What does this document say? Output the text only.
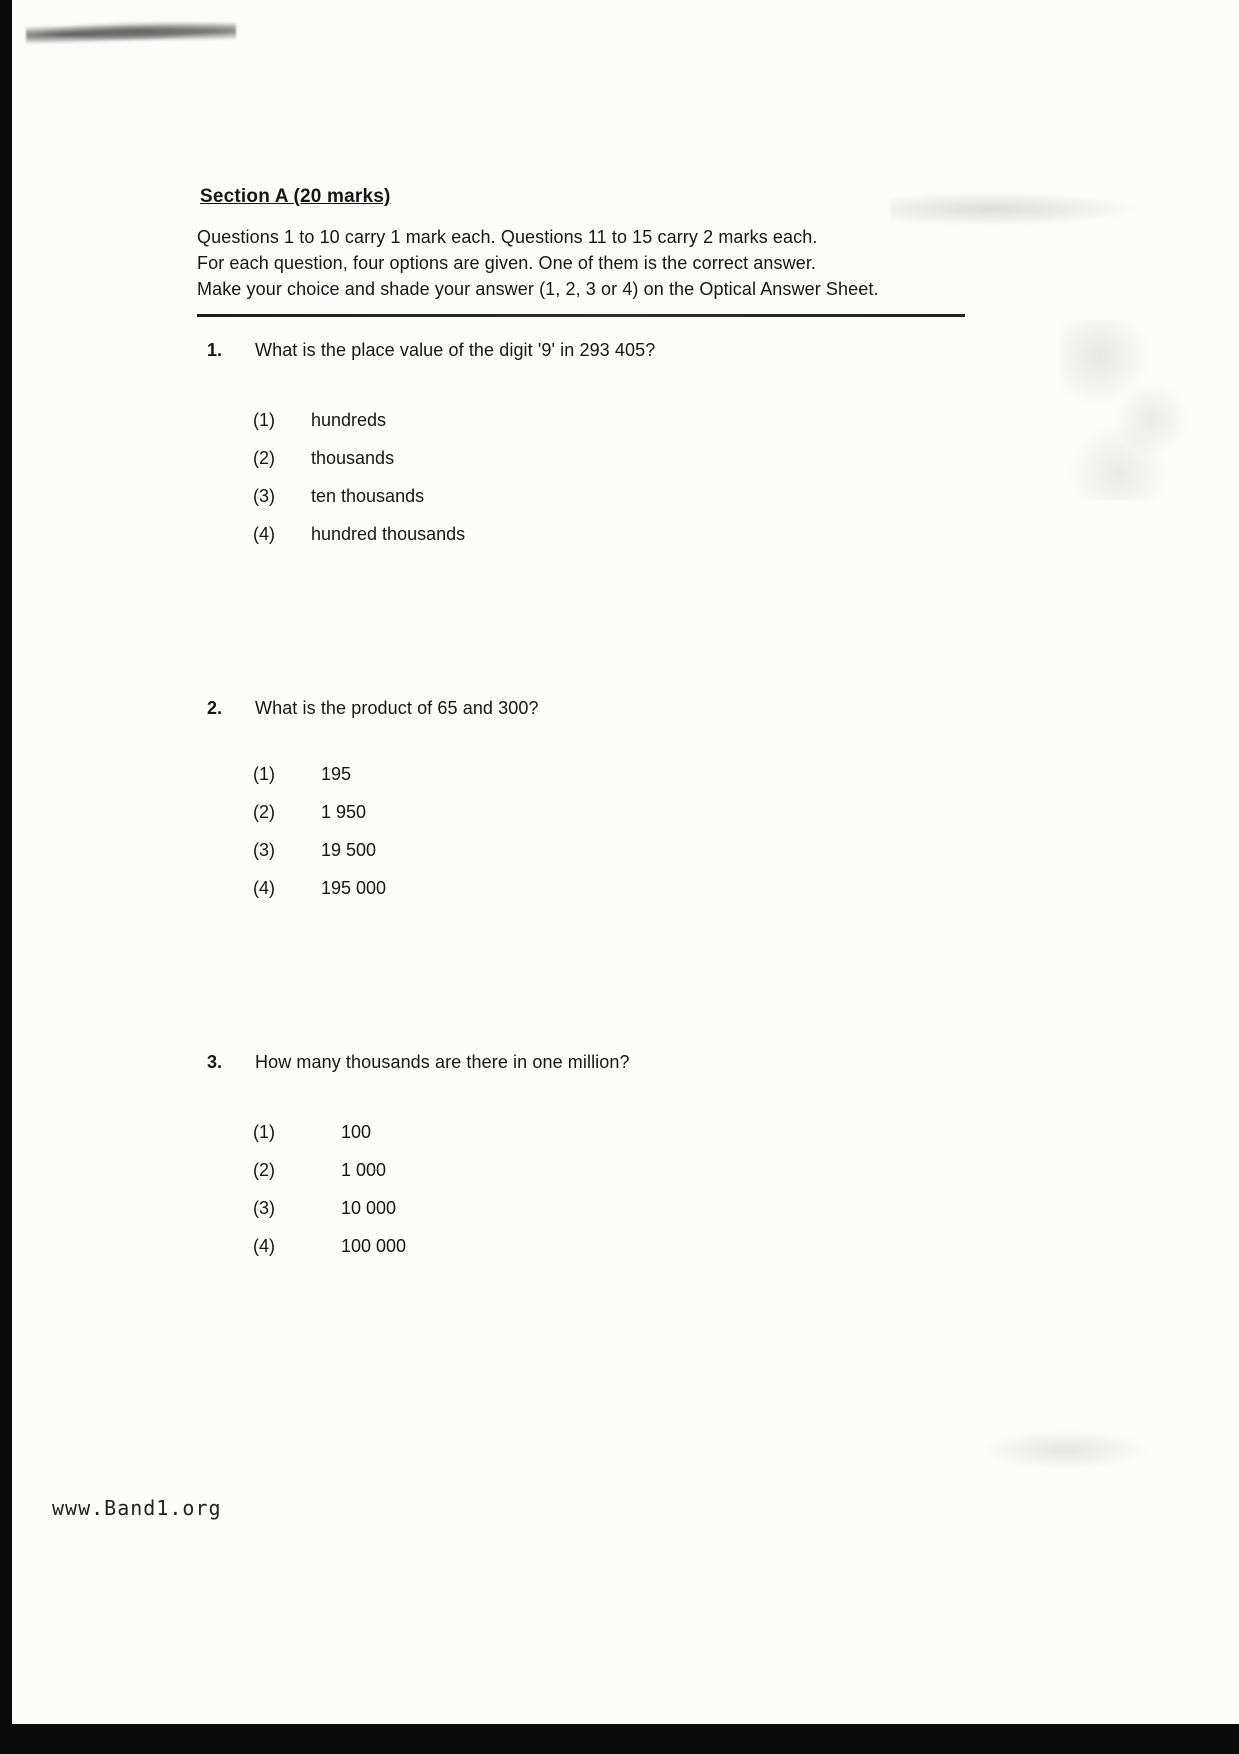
Section A (20 marks)
Questions 1 to 10 carry 1 mark each. Questions 11 to 15 carry 2 marks each.
For each question, four options are given. One of them is the correct answer.
Make your choice and shade your answer (1, 2, 3 or 4) on the Optical Answer Sheet.
1.	What is the place value of the digit '9' in 293 405?
(1)	hundreds
(2)	thousands
(3)	ten thousands
(4)	hundred thousands
2.	What is the product of 65 and 300?
(1)	195
(2)	1 950
(3)	19 500
(4)	195 000
3.	How many thousands are there in one million?
(1)	100
(2)	1 000
(3)	10 000
(4)	100 000
www.Band1.org
